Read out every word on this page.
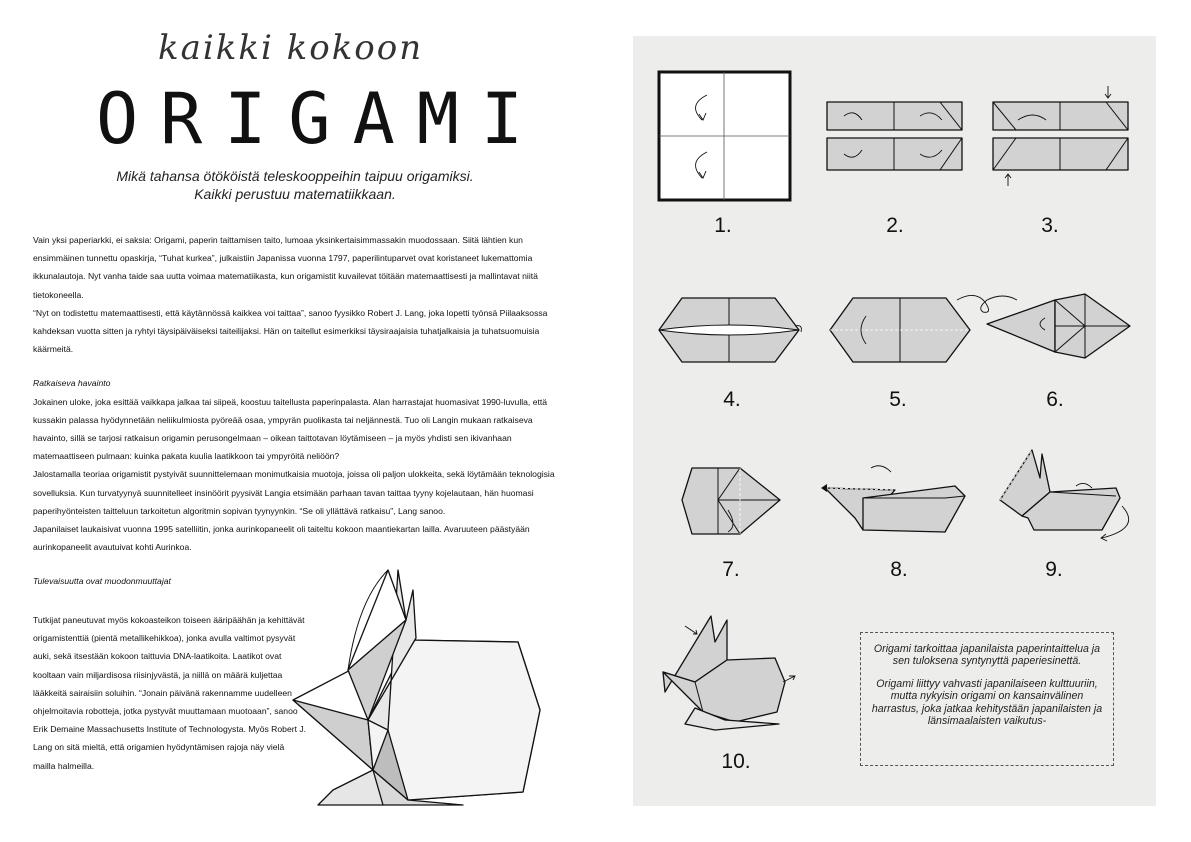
kaikki kokoon
ORIGAMI
Mikä tahansa ötököistä teleskooppeihin taipuu origamiksi.
Kaikki perustuu matematiikkaan.

Vain yksi paperiarkki, ei saksia: Origami, paperin taittamisen taito, lumoaa yksinkertaisimmassakin muodossaan. Siitä lähtien kun ensimmäinen tunnettu opaskirja, “Tuhat kurkea”, julkaistiin Japanissa vuonna 1797, paperilintuparvet ovat koristaneet lukemattomia ikkunalautoja. Nyt vanha taide saa uutta voimaa matematiikasta, kun origamistit kuvailevat töitään matemaattisesti ja mallintavat niitä tietokoneella.

“Nyt on todistettu matemaattisesti, että käytännössä kaikkea voi taittaa”, sanoo fyysikko Robert J. Lang, joka lopetti työnsä Piilaaksossa kahdeksan vuotta sitten ja ryhtyi täysipäiväiseksi taiteilijaksi. Hän on taitellut esimerkiksi täysiraajaisia tuhatjalkaisia ja tuhatsuomuisia käärmeitä.

Ratkaiseva havainto

Jokainen uloke, joka esittää vaikkapa jalkaa tai siipeä, koostuu taitellusta paperinpalasta. Alan harrastajat huomasivat 1990-luvulla, että kussakin palassa hyödynnetään neliikulmiosta pyöreää osaa, ympyrän puolikasta tai neljännestä. Tuo oli Langin mukaan ratkaiseva havainto, sillä se tarjosi ratkaisun origamin perusongelmaan – oikean taittotavan löytämiseen – ja myös yhdisti sen ikivanhaan matemaattiseen pulmaan: kuinka pakata kuulia laatikkoon tai ympyröitä neliöön?

Jalostamalla teoriaa origamistit pystyivät suunnittelemaan monimutkaisia muotoja, joissa oli paljon ulokkeita, sekä löytämään teknologisia sovelluksia. Kun turvatyynyä suunnitelleet insinöörit pyysivät Langia etsimään parhaan tavan taittaa tyyny kojelautaan, hän huomasi paperihyönteisten taitteluun tarkoitetun algoritmin sopivan tyynyynkin. “Se oli yllättävä ratkaisu”, Lang sanoo.

Japanilaiset laukaisivat vuonna 1995 satelliitin, jonka aurinkopaneelit oli taiteltu kokoon maantiekartan lailla. Avaruuteen päästyään aurinkopaneelit avautuivat kohti Aurinkoa.

Tulevaisuutta ovat muodonmuuttajat

Tutkijat paneutuvat myös kokoasteikon toiseen ääripäähän ja kehittävät origamistenttiä (pientä metallikehikkoa), jonka avulla valtimot pysyvät auki, sekä itsestään kokoon taittuvia DNA-laatikoita. Laatikot ovat kooltaan vain miljardisosa riisinjyvästä, ja niillä on määrä kuljettaa lääkkeitä sairaisiin soluihin. “Jonain päivänä rakennamme uudelleen ohjelmoitavia robotteja, jotka pystyvät muuttamaan muotoaan”, sanoo Erik Demaine Massachusetts Institute of Technologysta. Myös Robert J. Lang on sitä mieltä, että origamien hyödyntämisen rajoja näy vielä mailla halmeilla.

1.	2.	3.
4.	5.	6.
7.	8.	9.
10.

Origami tarkoittaa japanilaista paperintaittelua ja sen tuloksena syntynyttä paperiesinettä.

Origami liittyy vahvasti japanilaiseen kulttuuriin, mutta nykyisin origami on kansainvälinen harrastus, joka jatkaa kehitystään japanilaisten ja länsimaalaisten vaikutus-
